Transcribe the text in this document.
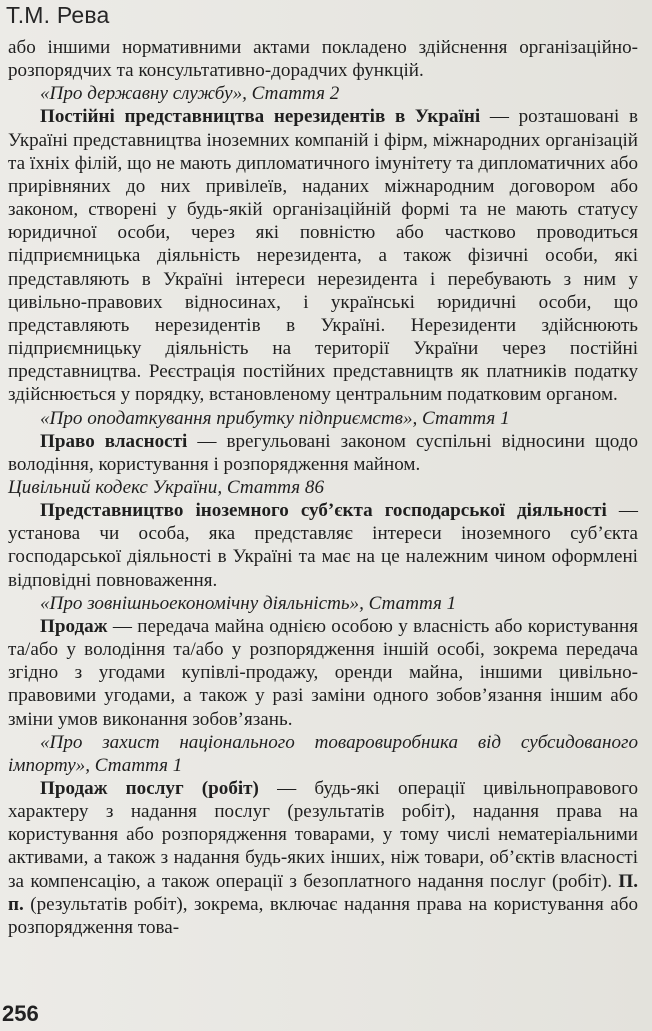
Т.М. Рева

або іншими нормативними актами покладено здійснення організаційно-розпорядчих та консультативно-дорадчих функцій.

«Про державну службу», Стаття 2

Постійні представництва нерезидентів в Україні — розташовані в Україні представництва іноземних компаній і фірм, міжнародних організацій та їхніх філій, що не мають дипломатичного імунітету та дипломатичних або прирівняних до них привілеїв, наданих міжнародним договором або законом, створені у будь-якій організаційній формі та не мають статусу юридичної особи, через які повністю або частково проводиться підприємницька діяльність нерезидента, а також фізичні особи, які представляють в Україні інтереси нерезидента і перебувають з ним у цивільно-правових відносинах, і українські юридичні особи, що представляють нерезидентів в Україні. Нерезиденти здійснюють підприємницьку діяльність на території України через постійні представництва. Реєстрація постійних представництв як платників податку здійснюється у порядку, встановленому центральним податковим органом.

«Про оподаткування прибутку підприємств», Стаття 1

Право власності — врегульовані законом суспільні відносини щодо володіння, користування і розпорядження майном.

Цивільний кодекс України, Стаття 86

Представництво іноземного суб’єкта господарської діяльності — установа чи особа, яка представляє інтереси іноземного суб’єкта господарської діяльності в Україні та має на це належним чином оформлені відповідні повноваження.

«Про зовнішньоекономічну діяльність», Стаття 1

Продаж — передача майна однією особою у власність або користування та/або у володіння та/або у розпорядження іншій особі, зокрема передача згідно з угодами купівлі-продажу, оренди майна, іншими цивільно-правовими угодами, а також у разі заміни одного зобов’язання іншим або зміни умов виконання зобов’язань.

«Про захист національного товаровиробника від субсидованого імпорту», Стаття 1

Продаж послуг (робіт) — будь-які операції цивільноправового характеру з надання послуг (результатів робіт), надання права на користування або розпорядження товарами, у тому числі нематеріальними активами, а також з надання будь-яких інших, ніж товари, об’єктів власності за компенсацію, а також операції з безоплатного надання послуг (робіт). П. п. (результатів робіт), зокрема, включає надання права на користування або розпорядження това-

256
